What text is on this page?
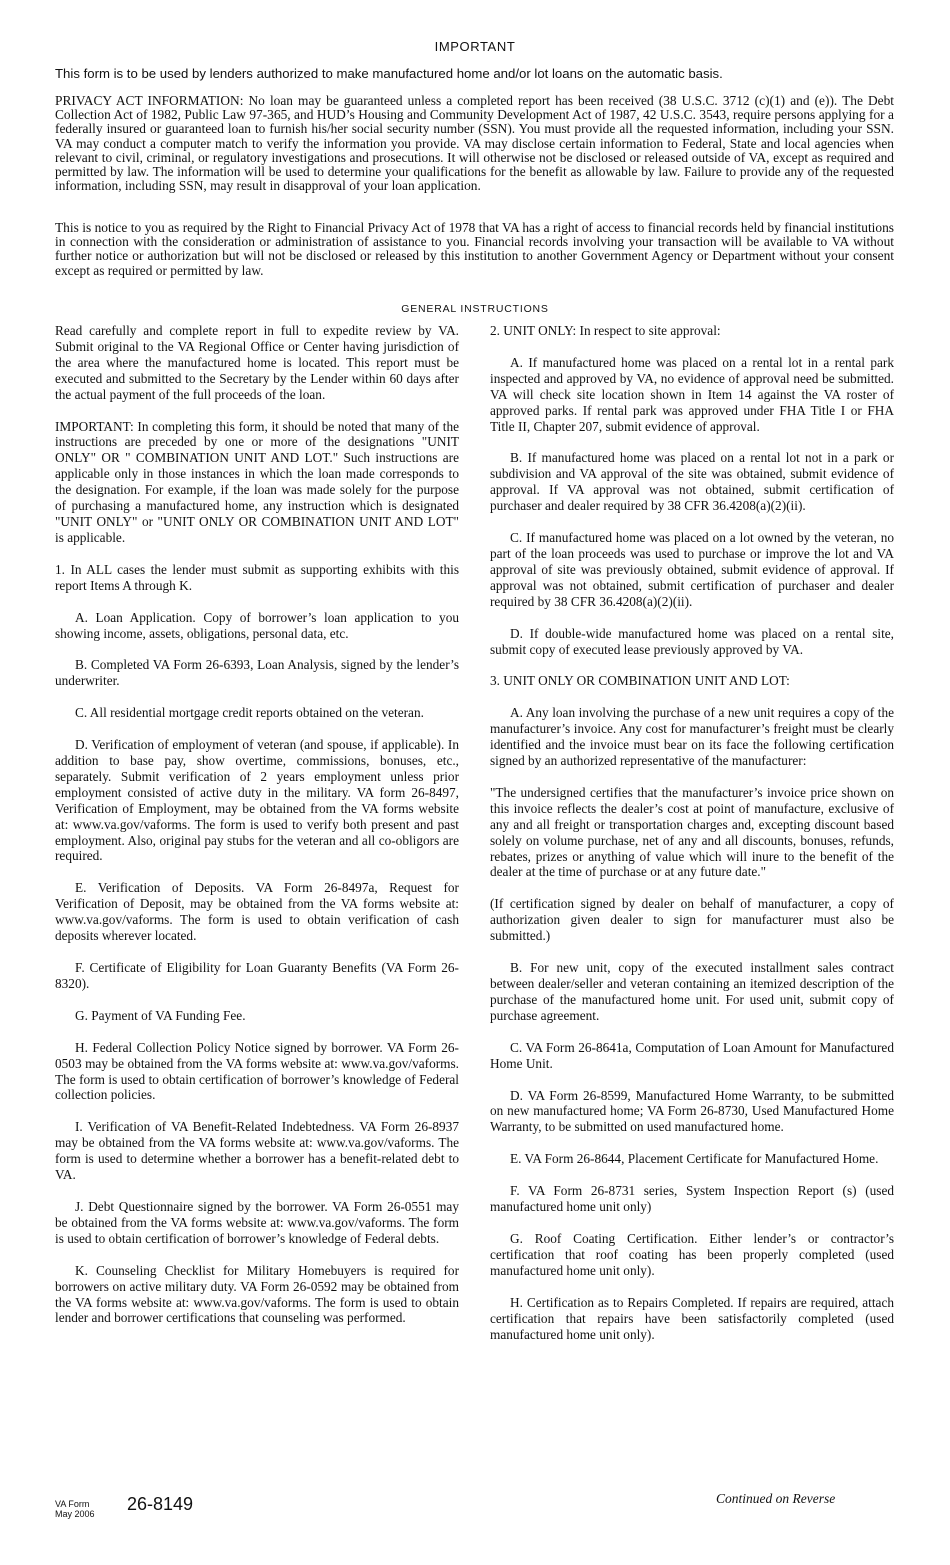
IMPORTANT
This form is to be used by lenders authorized to make manufactured home and/or lot loans on the automatic basis.
PRIVACY ACT INFORMATION: No loan may be guaranteed unless a completed report has been received (38 U.S.C. 3712 (c)(1) and (e)). The Debt Collection Act of 1982, Public Law 97-365, and HUD’s Housing and Community Development Act of 1987, 42 U.S.C. 3543, require persons applying for a federally insured or guaranteed loan to furnish his/her social security number (SSN). You must provide all the requested information, including your SSN. VA may conduct a computer match to verify the information you provide. VA may disclose certain information to Federal, State and local agencies when relevant to civil, criminal, or regulatory investigations and prosecutions. It will otherwise not be disclosed or released outside of VA, except as required and permitted by law. The information will be used to determine your qualifications for the benefit as allowable by law. Failure to provide any of the requested information, including SSN, may result in disapproval of your loan application.
This is notice to you as required by the Right to Financial Privacy Act of 1978 that VA has a right of access to financial records held by financial institutions in connection with the consideration or administration of assistance to you. Financial records involving your transaction will be available to VA without further notice or authorization but will not be disclosed or released by this institution to another Government Agency or Department without your consent except as required or permitted by law.
GENERAL INSTRUCTIONS

Read carefully and complete report in full to expedite review by VA. Submit original to the VA Regional Office or Center having jurisdiction of the area where the manufactured home is located. This report must be executed and submitted to the Secretary by the Lender within 60 days after the actual payment of the full proceeds of the loan.

IMPORTANT: In completing this form, it should be noted that many of the instructions are preceded by one or more of the designations "UNIT ONLY" OR " COMBINATION UNIT AND LOT." Such instructions are applicable only in those instances in which the loan made corresponds to the designation. For example, if the loan was made solely for the purpose of purchasing a manufactured home, any instruction which is designated "UNIT ONLY" or "UNIT ONLY OR COMBINATION UNIT AND LOT" is applicable.

1. In ALL cases the lender must submit as supporting exhibits with this report Items A through K.

A. Loan Application. Copy of borrower’s loan application to you showing income, assets, obligations, personal data, etc.

B. Completed VA Form 26-6393, Loan Analysis, signed by the lender’s underwriter.

C. All residential mortgage credit reports obtained on the veteran.

D. Verification of employment of veteran (and spouse, if applicable). In addition to base pay, show overtime, commissions, bonuses, etc., separately. Submit verification of 2 years employment unless prior employment consisted of active duty in the military. VA form 26-8497, Verification of Employment, may be obtained from the VA forms website at: www.va.gov/vaforms. The form is used to verify both present and past employment. Also, original pay stubs for the veteran and all co-obligors are required.

E. Verification of Deposits. VA Form 26-8497a, Request for Verification of Deposit, may be obtained from the VA forms website at: www.va.gov/vaforms. The form is used to obtain verification of cash deposits wherever located.

F. Certificate of Eligibility for Loan Guaranty Benefits (VA Form 26-8320).

G. Payment of VA Funding Fee.

H. Federal Collection Policy Notice signed by borrower. VA Form 26-0503 may be obtained from the VA forms website at: www.va.gov/vaforms. The form is used to obtain certification of borrower’s knowledge of Federal collection policies.

I. Verification of VA Benefit-Related Indebtedness. VA Form 26-8937 may be obtained from the VA forms website at: www.va.gov/vaforms. The form is used to determine whether a borrower has a benefit-related debt to VA.

J. Debt Questionnaire signed by the borrower. VA Form 26-0551 may be obtained from the VA forms website at: www.va.gov/vaforms. The form is used to obtain certification of borrower’s knowledge of Federal debts.

K. Counseling Checklist for Military Homebuyers is required for borrowers on active military duty. VA Form 26-0592 may be obtained from the VA forms website at: www.va.gov/vaforms. The form is used to obtain lender and borrower certifications that counseling was performed.

2. UNIT ONLY: In respect to site approval:

A. If manufactured home was placed on a rental lot in a rental park inspected and approved by VA, no evidence of approval need be submitted. VA will check site location shown in Item 14 against the VA roster of approved parks. If rental park was approved under FHA Title I or FHA Title II, Chapter 207, submit evidence of approval.

B. If manufactured home was placed on a rental lot not in a park or subdivision and VA approval of the site was obtained, submit evidence of approval. If VA approval was not obtained, submit certification of purchaser and dealer required by 38 CFR 36.4208(a)(2)(ii).

C. If manufactured home was placed on a lot owned by the veteran, no part of the loan proceeds was used to purchase or improve the lot and VA approval of site was previously obtained, submit evidence of approval. If approval was not obtained, submit certification of purchaser and dealer required by 38 CFR 36.4208(a)(2)(ii).

D. If double-wide manufactured home was placed on a rental site, submit copy of executed lease previously approved by VA.

3. UNIT ONLY OR COMBINATION UNIT AND LOT:

A. Any loan involving the purchase of a new unit requires a copy of the manufacturer’s invoice. Any cost for manufacturer’s freight must be clearly identified and the invoice must bear on its face the following certification signed by an authorized representative of the manufacturer:

"The undersigned certifies that the manufacturer’s invoice price shown on this invoice reflects the dealer’s cost at point of manufacture, exclusive of any and all freight or transportation charges and, excepting discount based solely on volume purchase, net of any and all discounts, bonuses, refunds, rebates, prizes or anything of value which will inure to the benefit of the dealer at the time of purchase or at any future date."

(If certification signed by dealer on behalf of manufacturer, a copy of authorization given dealer to sign for manufacturer must also be submitted.)

B. For new unit, copy of the executed installment sales contract between dealer/seller and veteran containing an itemized description of the purchase of the manufactured home unit. For used unit, submit copy of purchase agreement.

C. VA Form 26-8641a, Computation of Loan Amount for Manufactured Home Unit.

D. VA Form 26-8599, Manufactured Home Warranty, to be submitted on new manufactured home; VA Form 26-8730, Used Manufactured Home Warranty, to be submitted on used manufactured home.

E. VA Form 26-8644, Placement Certificate for Manufactured Home.

F. VA Form 26-8731 series, System Inspection Report (s) (used manufactured home unit only)

G. Roof Coating Certification. Either lender’s or contractor’s certification that roof coating has been properly completed (used manufactured home unit only).

H. Certification as to Repairs Completed. If repairs are required, attach certification that repairs have been satisfactorily completed (used manufactured home unit only).

VA Form
May 2006 26-8149	Continued on Reverse
